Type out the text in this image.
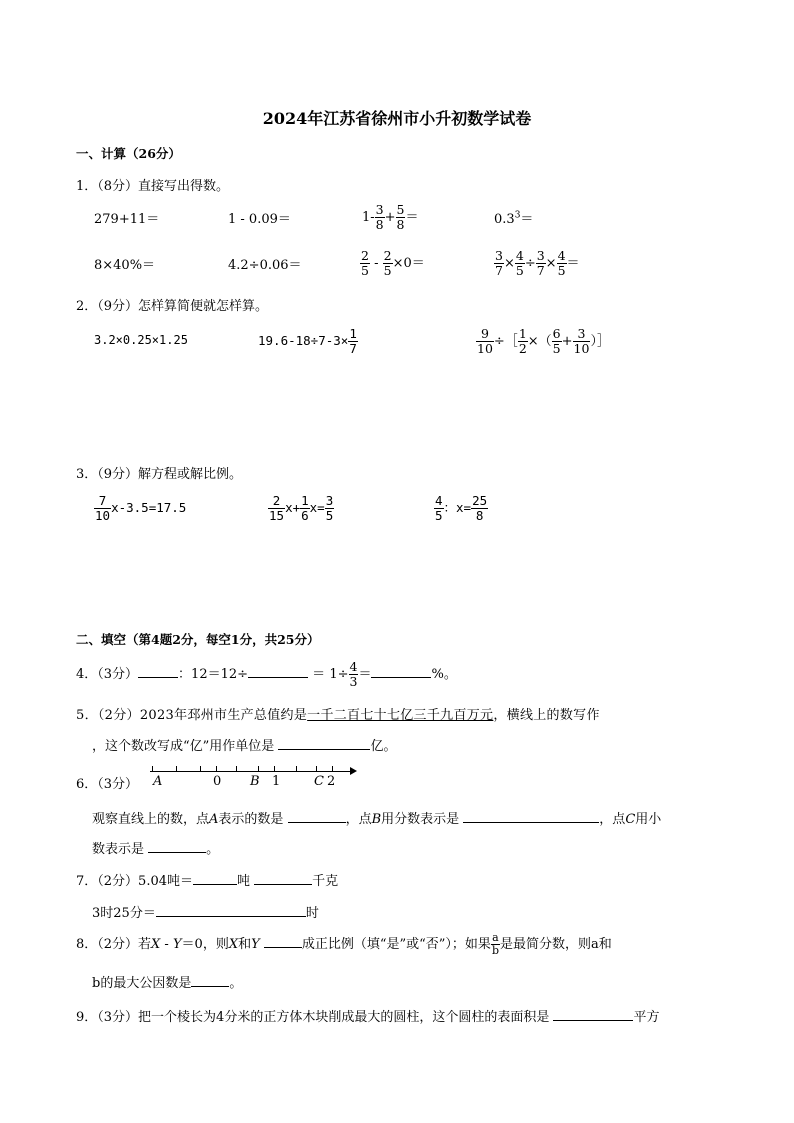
2024年江苏省徐州市小升初数学试卷
一、计算（26分）
1．（8分）直接写出得数。
279+11＝	1 - 0.09＝	$1- \frac{3}{8} + \frac{5}{8}$ ＝	$0.3^3=$
8×40%＝	4.2÷0.06＝	$\frac{2}{5} - \frac{2}{5} \times 0=$	$\frac{3}{7} \times \frac{4}{5} \div \frac{3}{7} \times \frac{4}{5}$ ＝
2．（9分）怎样算简便就怎样算。
3.2×0.25×1.25	$19.6-18\div 7-3\times \frac{1}{7}$	$\frac{9}{10}$ ÷［ $\frac{1}{2}$ ×（ $\frac{6}{5} + \frac{3}{10}$ ）］
3．（9分）解方程或解比例。
$\frac{7}{10} x-3.5=17.5$	$\frac{2}{15} x+ \frac{1}{6} x= \frac{3}{5}$	$\frac{4}{5}$ ：$x= \frac{25}{8}$
二、填空（第4题2分，每空1分，共25分）
4．（3分）	：12＝12÷	＝ $1\div \frac{4}{3}$ ＝	%。
5．（2分）2023年邳州市生产总值约是一千二百七十七亿三千九百万元，横线上的数写作
，这个数改写成“亿”用作单位是	亿。
6．（3分） A	0 B 1	C 2
观察直线上的数，点A表示的数是	，点B用分数表示是	，点C用小
数表示是	。
7．（2分）5.04吨＝	吨	千克
3时25分＝	时
8．（2分）若X - Y＝0，则X和Y	成正比例（填“是”或“否”）；如果 $\frac{a}{b}$ 是最简分数，则a和
b的最大公因数是	。
9．（3分）把一个棱长为4分米的正方体木块削成最大的圆柱，这个圆柱的表面积是	平方
